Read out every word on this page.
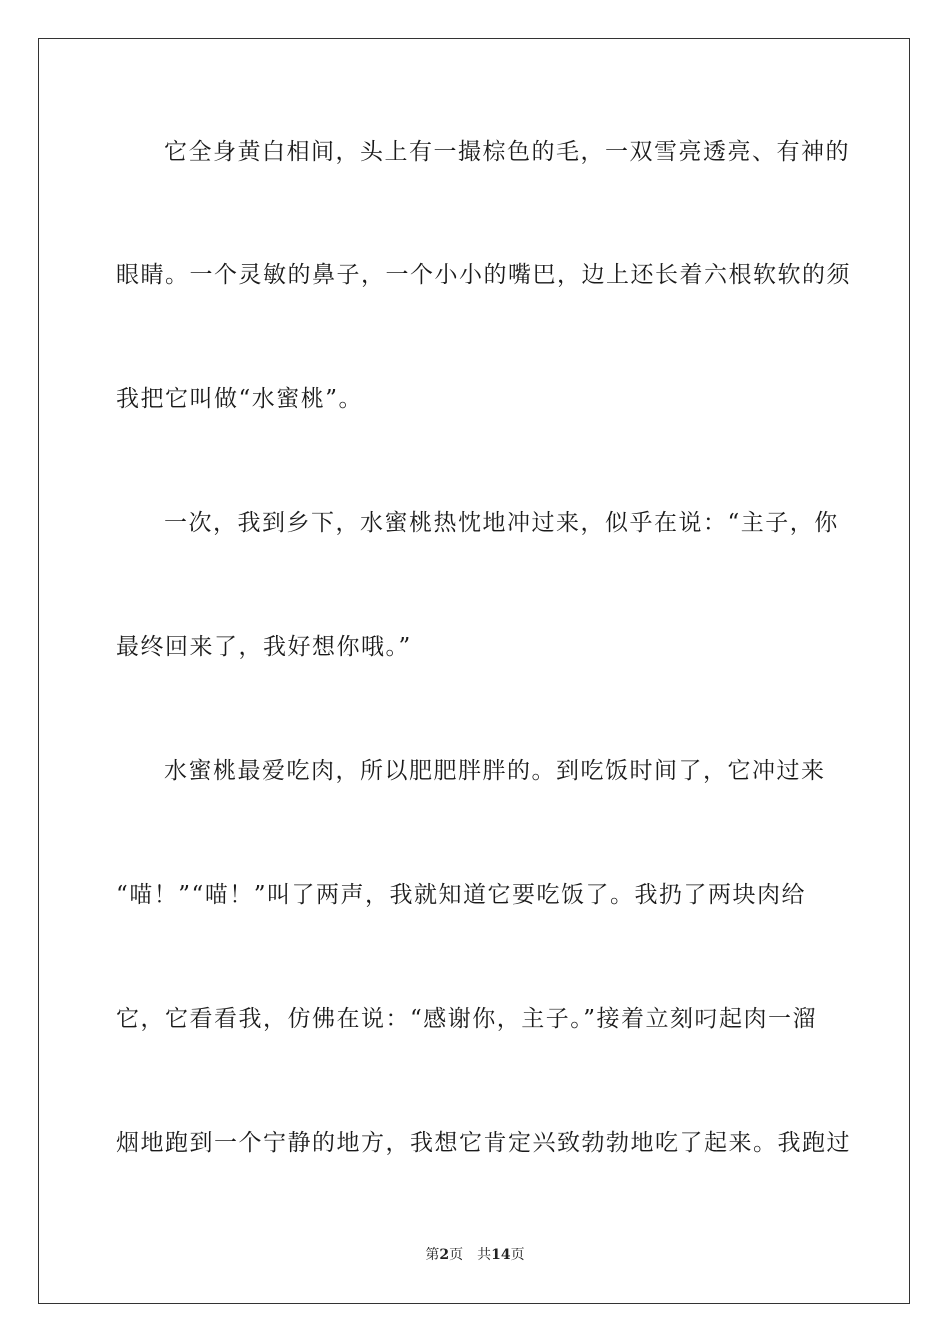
它全身黄白相间，头上有一撮棕色的毛，一双雪亮透亮、有神的
眼睛。一个灵敏的鼻子，一个小小的嘴巴，边上还长着六根软软的须
我把它叫做“水蜜桃”。
一次，我到乡下，水蜜桃热忱地冲过来，似乎在说：“主子，你
最终回来了，我好想你哦。”
水蜜桃最爱吃肉，所以肥肥胖胖的。到吃饭时间了，它冲过来
“喵！”“喵！”叫了两声，我就知道它要吃饭了。我扔了两块肉给
它，它看看我，仿佛在说：“感谢你，主子。”接着立刻叼起肉一溜
烟地跑到一个宁静的地方，我想它肯定兴致勃勃地吃了起来。我跑过
第2页 共14页
